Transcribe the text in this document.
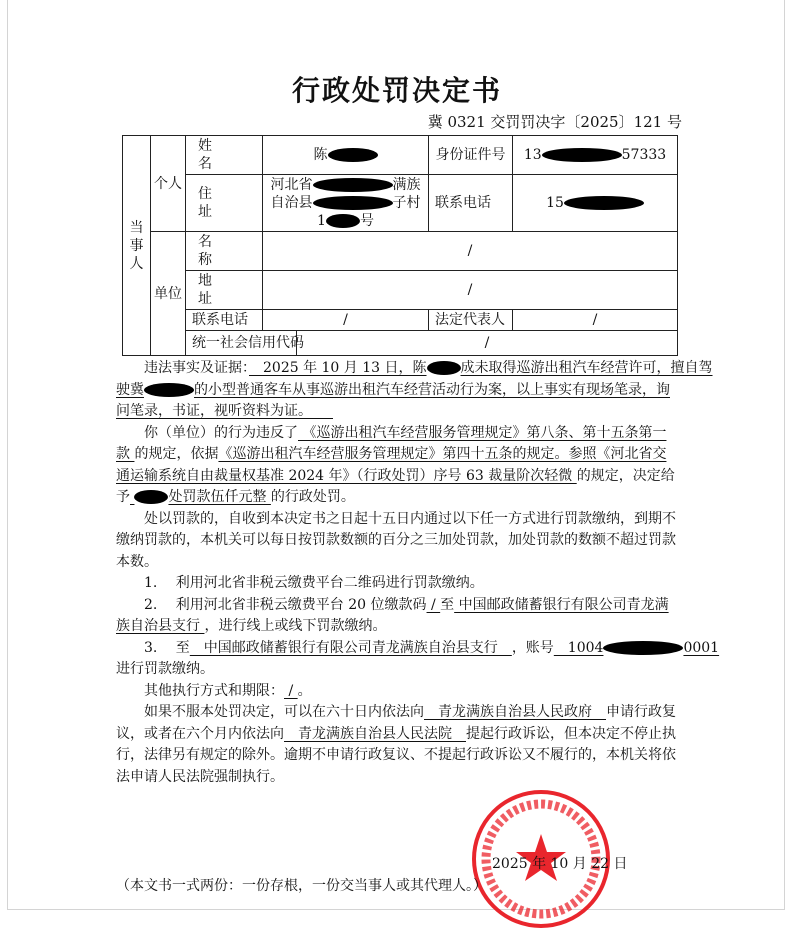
行政处罚决定书
冀 0321 交罚罚决字〔2025〕121 号
当事人	个人	姓　　名	陈	身份证件号	13 57333
		住　　址	河北省 满族
自治县 子村
1 号	联系电话	15
	单位	名　　称	/		
		地　　址	/		
		联系电话	/	法定代表人	/

统一社会信用代码 /			
违法事实及证据：　2025 年 10 月 13 日，陈 成未取得巡游出租汽车经营许可，擅自驾
驶冀	的小型普通客车从事巡游出租汽车经营活动行为案，以上事实有现场笔录，询
问笔录，书证，视听资料为证。　　
你（单位）的行为违反了 《巡游出租汽车经营服务管理规定》第八条、第十五条第一
款 的规定，依据《巡游出租汽车经营服务管理规定》第四十五条的规定。参照《河北省交
通运输系统自由裁量权基准 2024 年》（行政处罚）序号 63 裁量阶次轻微 的规定，决定给
予	处罚款伍仟元整 的行政处罚。
处以罚款的，自收到本决定书之日起十五日内通过以下任一方式进行罚款缴纳，到期不
缴纳罚款的，本机关可以每日按罚款数额的百分之三加处罚款，加处罚款的数额不超过罚款
本数。
1.　 利用河北省非税云缴费平台二维码进行罚款缴纳。
2.　 利用河北省非税云缴费平台 20 位缴款码 / 至 中国邮政储蓄银行有限公司青龙满
族自治县支行 ，进行线上或线下罚款缴纳。
3.　 至　中国邮政储蓄银行有限公司青龙满族自治县支行　，账号　1004	0001
进行罚款缴纳。
其他执行方式和期限： / 。
如果不服本处罚决定，可以在六十日内依法向　青龙满族自治县人民政府　申请行政复
议，或者在六个月内依法向　青龙满族自治县人民法院　提起行政诉讼，但本决定不停止执
行，法律另有规定的除外。逾期不申请行政复议、不提起行政诉讼又不履行的，本机关将依
法申请人民法院强制执行。
2025 年 10 月 22 日
（本文书一式两份：一份存根，一份交当事人或其代理人。）
